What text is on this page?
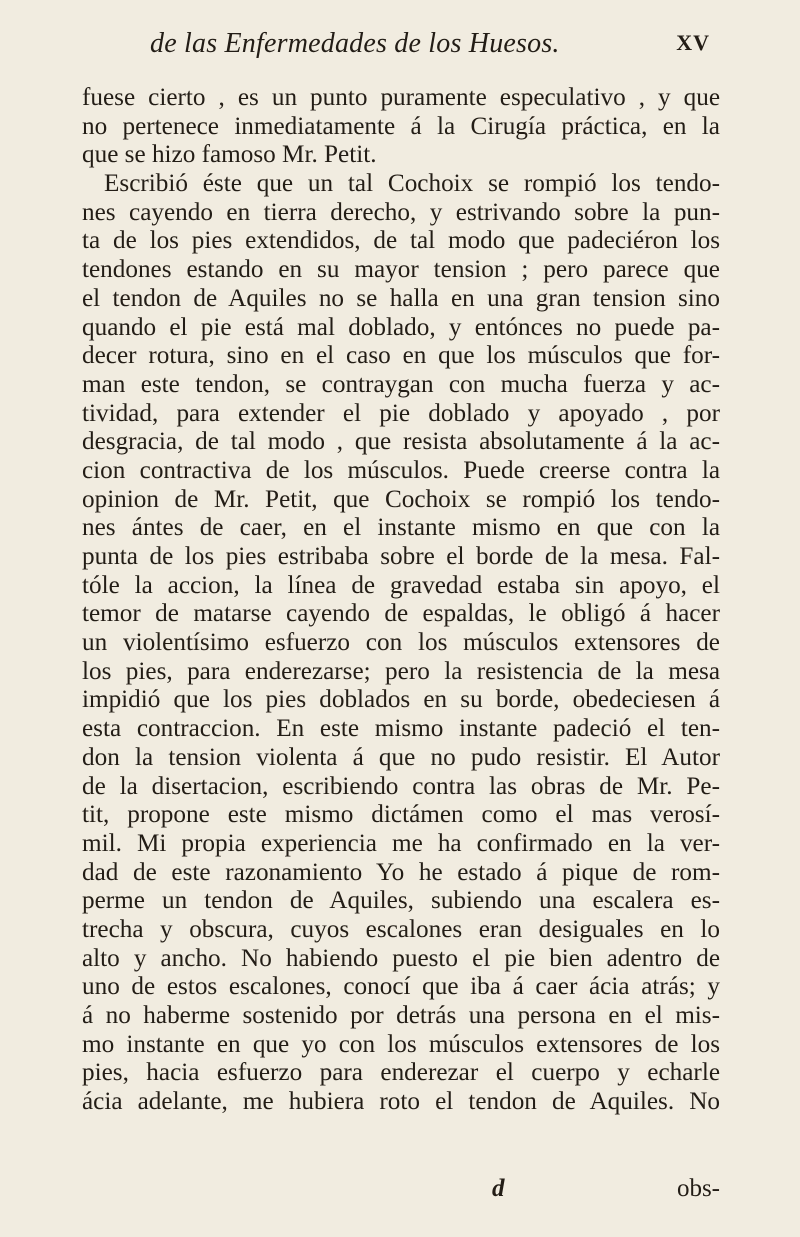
de las Enfermedades de los Huesos.	XV
fuese cierto , es un punto puramente especulativo , y que
no pertenece inmediatamente á la Cirugía práctica, en la
que se hizo famoso Mr. Petit.
Escribió éste que un tal Cochoix se rompió los tendo-
nes cayendo en tierra derecho, y estrivando sobre la pun-
ta de los pies extendidos, de tal modo que padeciéron los
tendones estando en su mayor tension ; pero parece que
el tendon de Aquiles no se halla en una gran tension sino
quando el pie está mal doblado, y entónces no puede pa-
decer rotura, sino en el caso en que los músculos que for-
man este tendon, se contraygan con mucha fuerza y ac-
tividad, para extender el pie doblado y apoyado , por
desgracia, de tal modo , que resista absolutamente á la ac-
cion contractiva de los músculos. Puede creerse contra la
opinion de Mr. Petit, que Cochoix se rompió los tendo-
nes ántes de caer, en el instante mismo en que con la
punta de los pies estribaba sobre el borde de la mesa. Fal-
tóle la accion, la línea de gravedad estaba sin apoyo, el
temor de matarse cayendo de espaldas, le obligó á hacer
un violentísimo esfuerzo con los músculos extensores de
los pies, para enderezarse; pero la resistencia de la mesa
impidió que los pies doblados en su borde, obedeciesen á
esta contraccion. En este mismo instante padeció el ten-
don la tension violenta á que no pudo resistir. El Autor
de la disertacion, escribiendo contra las obras de Mr. Pe-
tit, propone este mismo dictámen como el mas verosí-
mil. Mi propia experiencia me ha confirmado en la ver-
dad de este razonamiento Yo he estado á pique de rom-
perme un tendon de Aquiles, subiendo una escalera es-
trecha y obscura, cuyos escalones eran desiguales en lo
alto y ancho. No habiendo puesto el pie bien adentro de
uno de estos escalones, conocí que iba á caer ácia atrás; y
á no haberme sostenido por detrás una persona en el mis-
mo instante en que yo con los músculos extensores de los
pies, hacia esfuerzo para enderezar el cuerpo y echarle
ácia adelante, me hubiera roto el tendon de Aquiles. No
d	obs-
